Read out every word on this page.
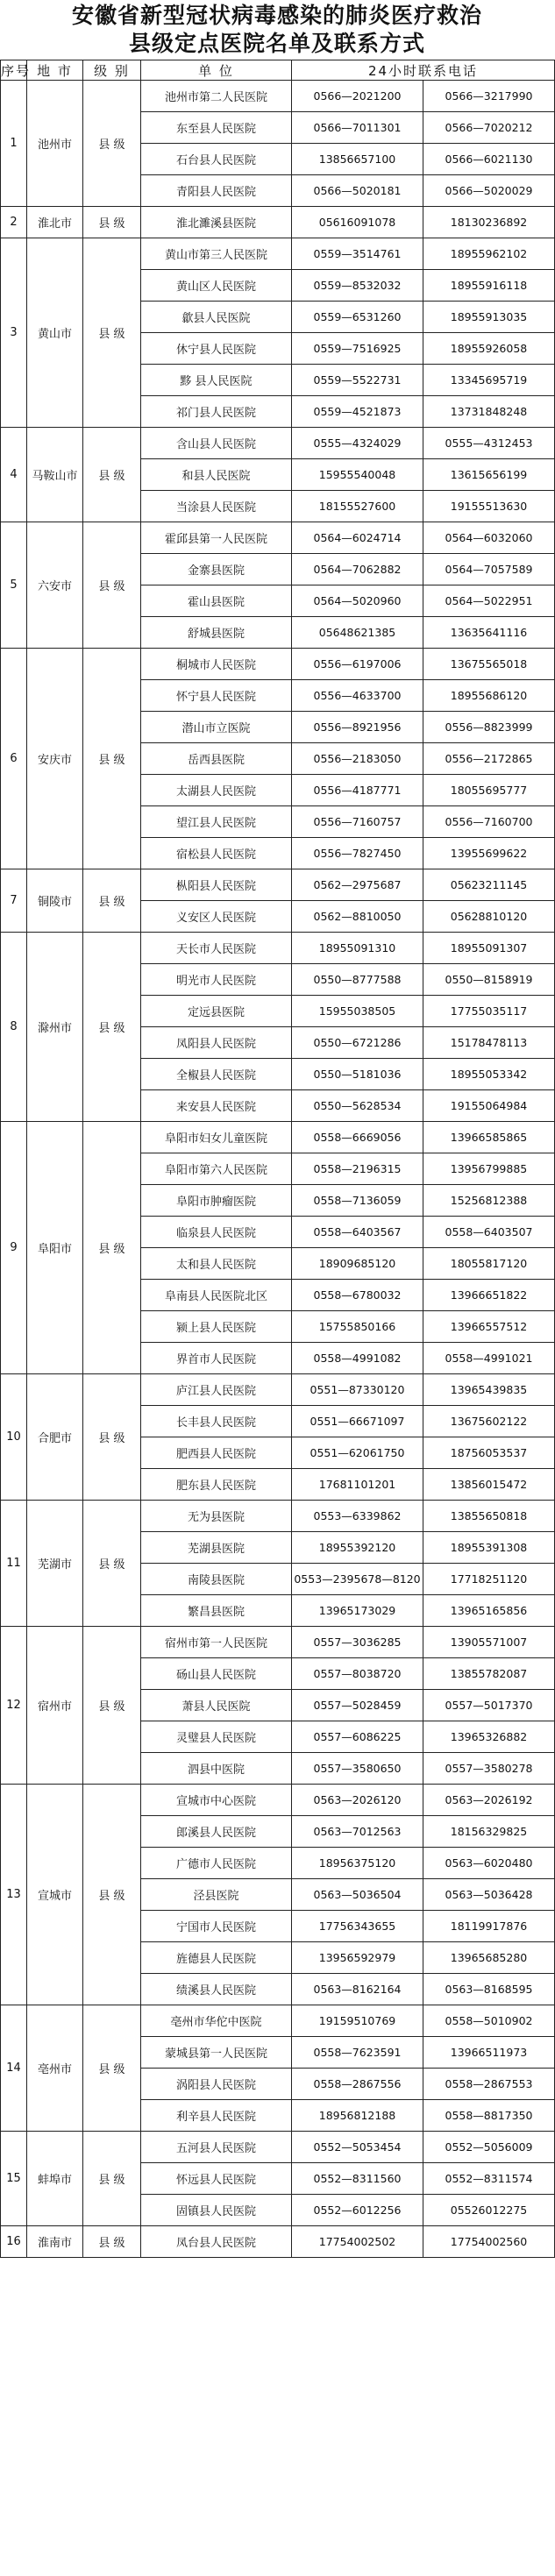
安徽省新型冠状病毒感染的肺炎医疗救治
县级定点医院名单及联系方式
序号	地 市	级 别	单 位	24小时联系电话	
1	池州市	县 级	池州市第二人民医院	0566—2021200	0566—3217990
			东至县人民医院	0566—7011301	0566—7020212
			石台县人民医院	13856657100	0566—6021130
			青阳县人民医院	0566—5020181	0566—5020029
2	淮北市	县 级	淮北濉溪县医院	05616091078	18130236892
3	黄山市	县 级	黄山市第三人民医院	0559—3514761	18955962102
			黄山区人民医院	0559—8532032	18955916118
			歙县人民医院	0559—6531260	18955913035
			休宁县人民医院	0559—7516925	18955926058
			黟 县人民医院	0559—5522731	13345695719
			祁门县人民医院	0559—4521873	13731848248
4	马鞍山市	县 级	含山县人民医院	0555—4324029	0555—4312453
			和县人民医院	15955540048	13615656199
			当涂县人民医院	18155527600	19155513630
5	六安市	县 级	霍邱县第一人民医院	0564—6024714	0564—6032060
			金寨县医院	0564—7062882	0564—7057589
			霍山县医院	0564—5020960	0564—5022951
			舒城县医院	05648621385	13635641116
6	安庆市	县 级	桐城市人民医院	0556—6197006	13675565018
			怀宁县人民医院	0556—4633700	18955686120
			潜山市立医院	0556—8921956	0556—8823999
			岳西县医院	0556—2183050	0556—2172865
			太湖县人民医院	0556—4187771	18055695777
			望江县人民医院	0556—7160757	0556—7160700
			宿松县人民医院	0556—7827450	13955699622
7	铜陵市	县 级	枞阳县人民医院	0562—2975687	05623211145
			义安区人民医院	0562—8810050	05628810120
8	滁州市	县 级	天长市人民医院	18955091310	18955091307
			明光市人民医院	0550—8777588	0550—8158919
			定远县医院	15955038505	17755035117
			凤阳县人民医院	0550—6721286	15178478113
			全椒县人民医院	0550—5181036	18955053342
			来安县人民医院	0550—5628534	19155064984
9	阜阳市	县 级	阜阳市妇女儿童医院	0558—6669056	13966585865
			阜阳市第六人民医院	0558—2196315	13956799885
			阜阳市肿瘤医院	0558—7136059	15256812388
			临泉县人民医院	0558—6403567	0558—6403507
			太和县人民医院	18909685120	18055817120
			阜南县人民医院北区	0558—6780032	13966651822
			颍上县人民医院	15755850166	13966557512
			界首市人民医院	0558—4991082	0558—4991021
10	合肥市	县 级	庐江县人民医院	0551—87330120	13965439835
			长丰县人民医院	0551—66671097	13675602122
			肥西县人民医院	0551—62061750	18756053537
			肥东县人民医院	17681101201	13856015472
11	芜湖市	县 级	无为县医院	0553—6339862	13855650818
			芜湖县医院	18955392120	18955391308
			南陵县医院	0553—2395678—8120	17718251120
			繁昌县医院	13965173029	13965165856
12	宿州市	县 级	宿州市第一人民医院	0557—3036285	13905571007
			砀山县人民医院	0557—8038720	13855782087
			萧县人民医院	0557—5028459	0557—5017370
			灵璧县人民医院	0557—6086225	13965326882
			泗县中医院	0557—3580650	0557—3580278
13	宣城市	县 级	宣城市中心医院	0563—2026120	0563—2026192
			郎溪县人民医院	0563—7012563	18156329825
			广德市人民医院	18956375120	0563—6020480
			泾县医院	0563—5036504	0563—5036428
			宁国市人民医院	17756343655	18119917876
			旌德县人民医院	13956592979	13965685280
			绩溪县人民医院	0563—8162164	0563—8168595
14	亳州市	县 级	亳州市华佗中医院	19159510769	0558—5010902
			蒙城县第一人民医院	0558—7623591	13966511973
			涡阳县人民医院	0558—2867556	0558—2867553
			利辛县人民医院	18956812188	0558—8817350
15	蚌埠市	县 级	五河县人民医院	0552—5053454	0552—5056009
			怀远县人民医院	0552—8311560	0552—8311574
			固镇县人民医院	0552—6012256	05526012275
16	淮南市	县 级	凤台县人民医院	17754002502	17754002560
